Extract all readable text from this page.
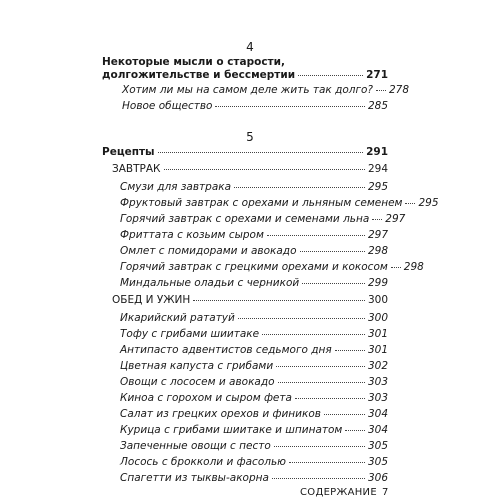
4
Некоторые мысли о старости,
долгожительстве и бессмертии	271
Хотим ли мы на самом деле жить так долго? 278
Новое общество	285
5
Рецепты	291
ЗАВТРАК	294
Смузи для завтрака	295
Фруктовый завтрак с орехами и льняным семенем 295
Горячий завтрак с орехами и семенами льна 297
Фриттата с козьим сыром	297
Омлет с помидорами и авокадо	298
Горячий завтрак с грецкими орехами и кокосом 298
Миндальные оладьи с черникой	299
ОБЕД И УЖИН	300
Икарийский рататуй	300
Тофу с грибами шиитаке	301
Антипасто адвентистов седьмого дня	301
Цветная капуста с грибами	302
Овощи с лососем и авокадо	303
Киноа с горохом и сыром фета	303
Салат из грецких орехов и фиников	304
Курица с грибами шиитаке и шпинатом 304
Запеченные овощи с песто	305
Лосось с брокколи и фасолью	305
Спагетти из тыквы-акорна	306
СОДЕРЖАНИЕ 7
